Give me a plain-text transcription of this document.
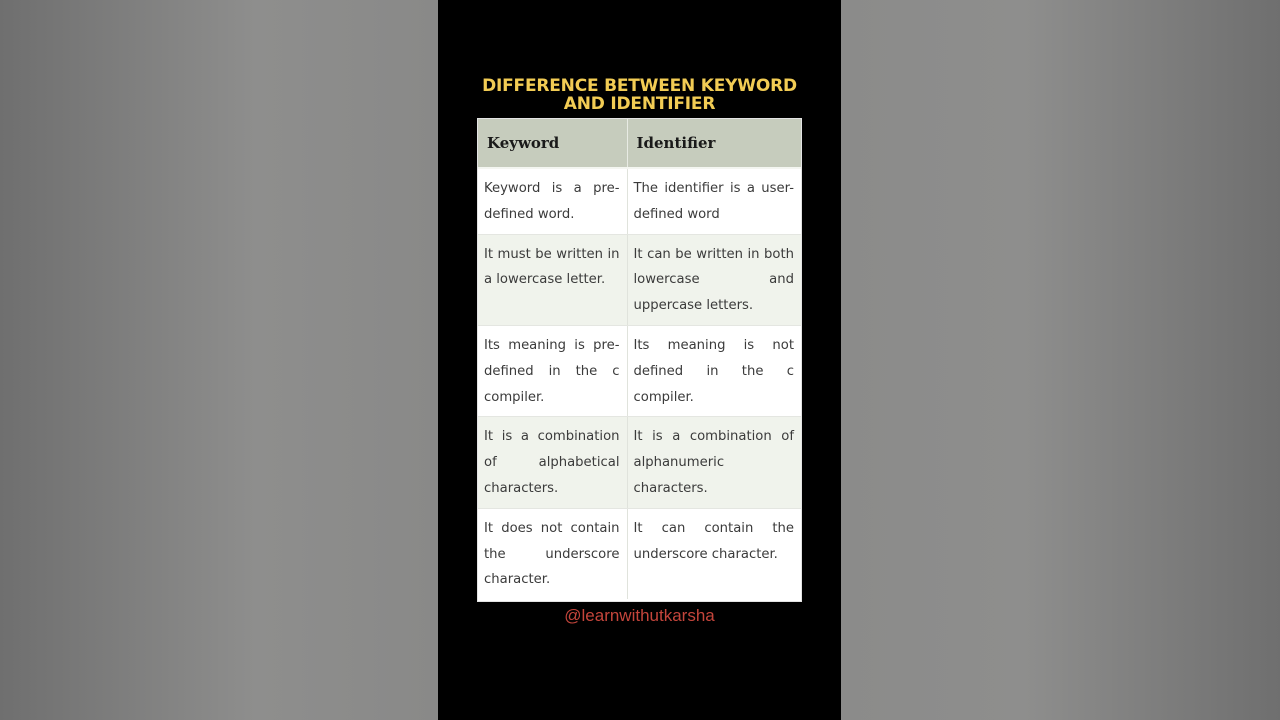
DIFFERENCE BETWEEN KEYWORD
AND IDENTIFIER
Keyword	Identifier
Keyword is a pre-defined word.	The identifier is a user-defined word
It must be written in a lowercase letter.	It can be written in both lowercase and uppercase letters.
Its meaning is pre-defined in the c compiler.	Its meaning is not defined in the c compiler.
It is a combination of alphabetical characters.	It is a combination of alphanumeric characters.
It does not contain the underscore character.	It can contain the underscore character.
@learnwithutkarsha
